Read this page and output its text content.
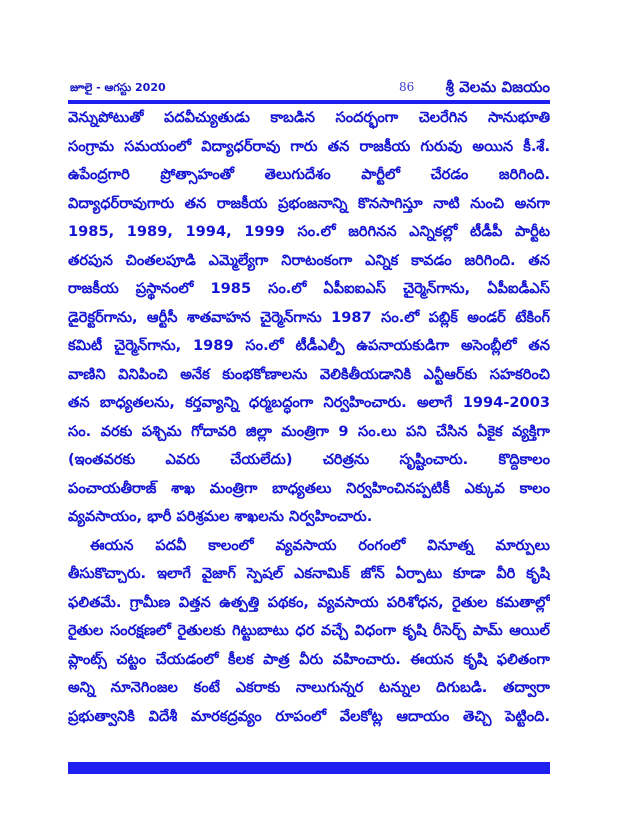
జూలై - ఆగస్టు 2020	86 శ్రీ వెలమ విజయం
వెన్నుపోటుతో పదవీచ్యుతుడు కాబడిన సందర్భంగా చెలరేగిన సానుభూతి
సంగ్రామ సమయంలో విద్యాధర్‌రావు గారు తన రాజకీయ గురువు అయిన కీ.శే.
ఉపేంద్రగారి ప్రోత్సాహంతో తెలుగుదేశం పార్టీలో చేరడం జరిగింది.
విద్యాధర్‌రావుగారు తన రాజకీయ ప్రభంజనాన్ని కొనసాగిస్తూ నాటి నుంచి అనగా
1985, 1989, 1994, 1999 సం.లో జరిగినన ఎన్నికల్లో టీడీపీ పార్టీట
తరపున చింతలపూడి ఎమ్మెల్యేగా నిరాటంకంగా ఎన్నిక కావడం జరిగింది. తన
రాజకీయ ప్రస్థానంలో 1985 సం.లో ఏపీఐఐఎస్ చైర్మెన్‌గాను, ఏపీఐడీఎస్
డైరెక్టర్‌గాను, ఆర్టీసీ శాతవాహన చైర్మెన్‌గాను 1987 సం.లో పబ్లిక్ అండర్ టేకింగ్
కమిటీ చైర్మెన్‌గాను, 1989 సం.లో టీడీఎల్పీ ఉపనాయకుడిగా అసెంబ్లీలో తన
వాణిని వినిపించి అనేక కుంభకోణాలను వెలికితీయడానికి ఎన్టీఆర్‌కు సహకరించి
తన బాధ్యతలను, కర్తవ్యాన్ని ధర్మబద్ధంగా నిర్వహించారు. అలాగే 1994-2003
సం. వరకు పశ్చిమ గోదావరి జిల్లా మంత్రిగా 9 సం.లు పని చేసిన ఏకైక వ్యక్తిగా
(ఇంతవరకు ఎవరు చేయలేదు) చరిత్రను సృష్టించారు. కొద్దికాలం
పంచాయతీరాజ్ శాఖ మంత్రిగా బాధ్యతలు నిర్వహించినప్పటికీ ఎక్కువ కాలం
వ్యవసాయం, భారీ పరిశ్రమల శాఖలను నిర్వహించారు.
ఈయన పదవీ కాలంలో వ్యవసాయ రంగంలో వినూత్న మార్పులు
తీసుకొచ్చారు. ఇలాగే వైజాగ్ స్పెషల్ ఎకనామిక్ జోన్ ఏర్పాటు కూడా వీరి కృషి
ఫలితమే. గ్రామీణ విత్తన ఉత్పత్తి పథకం, వ్యవసాయ పరిశోధన, రైతుల కమతాల్లో
రైతుల సంరక్షణలో రైతులకు గిట్టుబాటు ధర వచ్చే విధంగా కృషి రీసెర్చ్ పామ్ ఆయిల్
ప్లాంట్స్ చట్టం చేయడంలో కీలక పాత్ర వీరు వహించారు. ఈయన కృషి ఫలితంగా
అన్ని నూనెగింజల కంటే ఎకరాకు నాలుగున్నర టన్నుల దిగుబడి. తద్వారా
ప్రభుత్వానికి విదేశీ మారకద్రవ్యం రూపంలో వేలకోట్ల ఆదాయం తెచ్చి పెట్టింది.
